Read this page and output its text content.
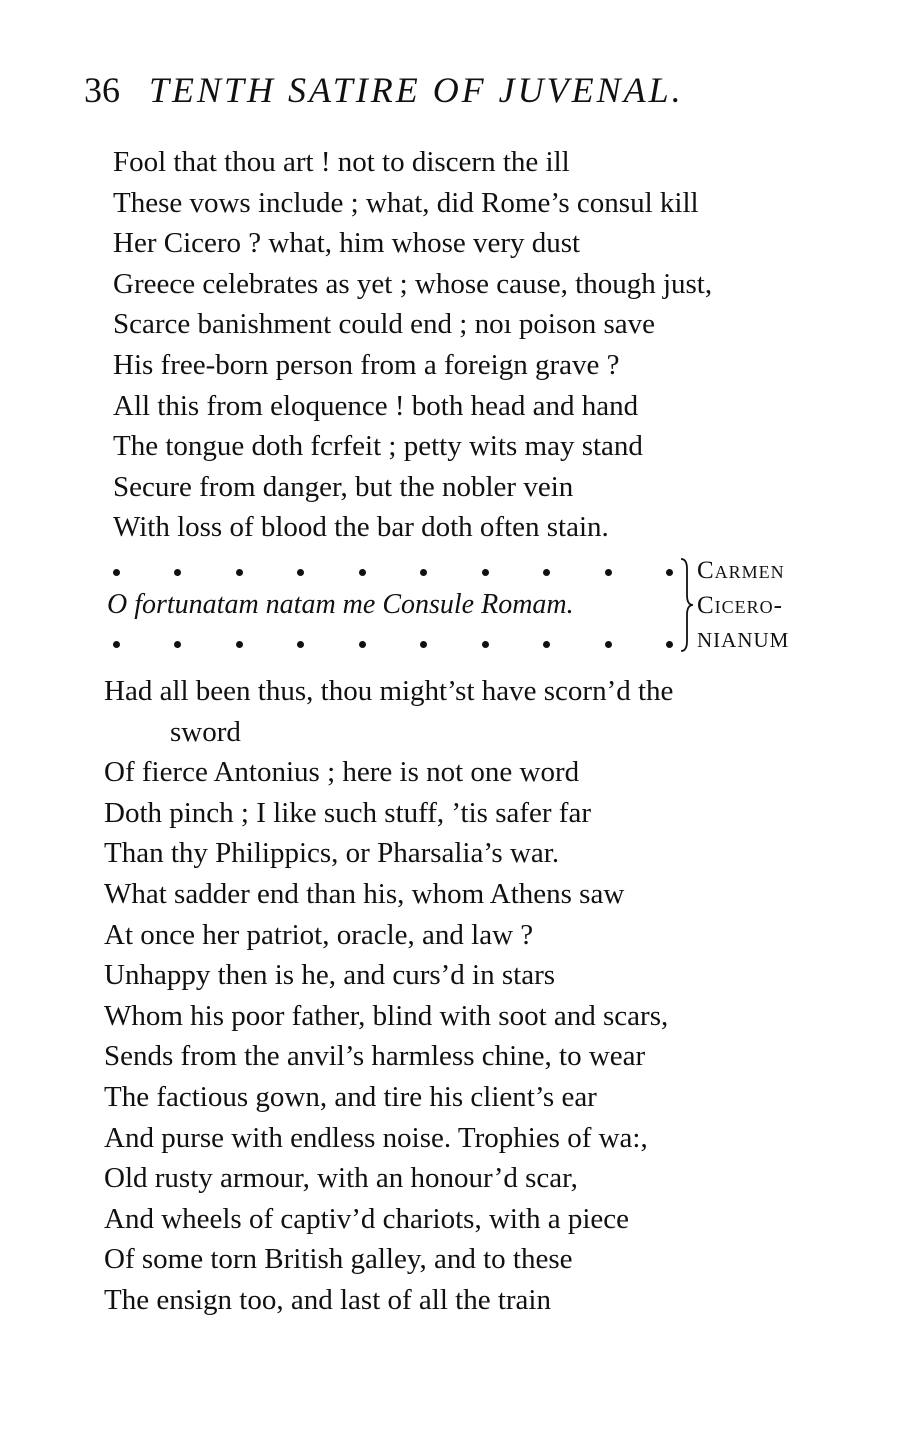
36 TENTH SATIRE OF JUVENAL.
Fool that thou art ! not to discern the ill
These vows include ; what, did Rome’s consul kill
Her Cicero ? what, him whose very dust
Greece celebrates as yet ; whose cause, though just,
Scarce banishment could end ; noı poison save
His free-born person from a foreign grave ?
All this from eloquence ! both head and hand
The tongue doth fcrfeit ; petty wits may stand
Secure from danger, but the nobler vein
With loss of blood the bar doth often stain.
O fortunatam natam me Consule Romam.
Carmen
Cicero-
NIANUM
Had all been thus, thou might’st have scorn’d the
sword
Of fierce Antonius ; here is not one word
Doth pinch ; I like such stuff, ’tis safer far
Than thy Philippics, or Pharsalia’s war.
What sadder end than his, whom Athens saw
At once her patriot, oracle, and law ?
Unhappy then is he, and curs’d in stars
Whom his poor father, blind with soot and scars,
Sends from the anvil’s harmless chine, to wear
The factious gown, and tire his client’s ear
And purse with endless noise. Trophies of wa:,
Old rusty armour, with an honour’d scar,
And wheels of captiv’d chariots, with a piece
Of some torn British galley, and to these
The ensign too, and last of all the train
